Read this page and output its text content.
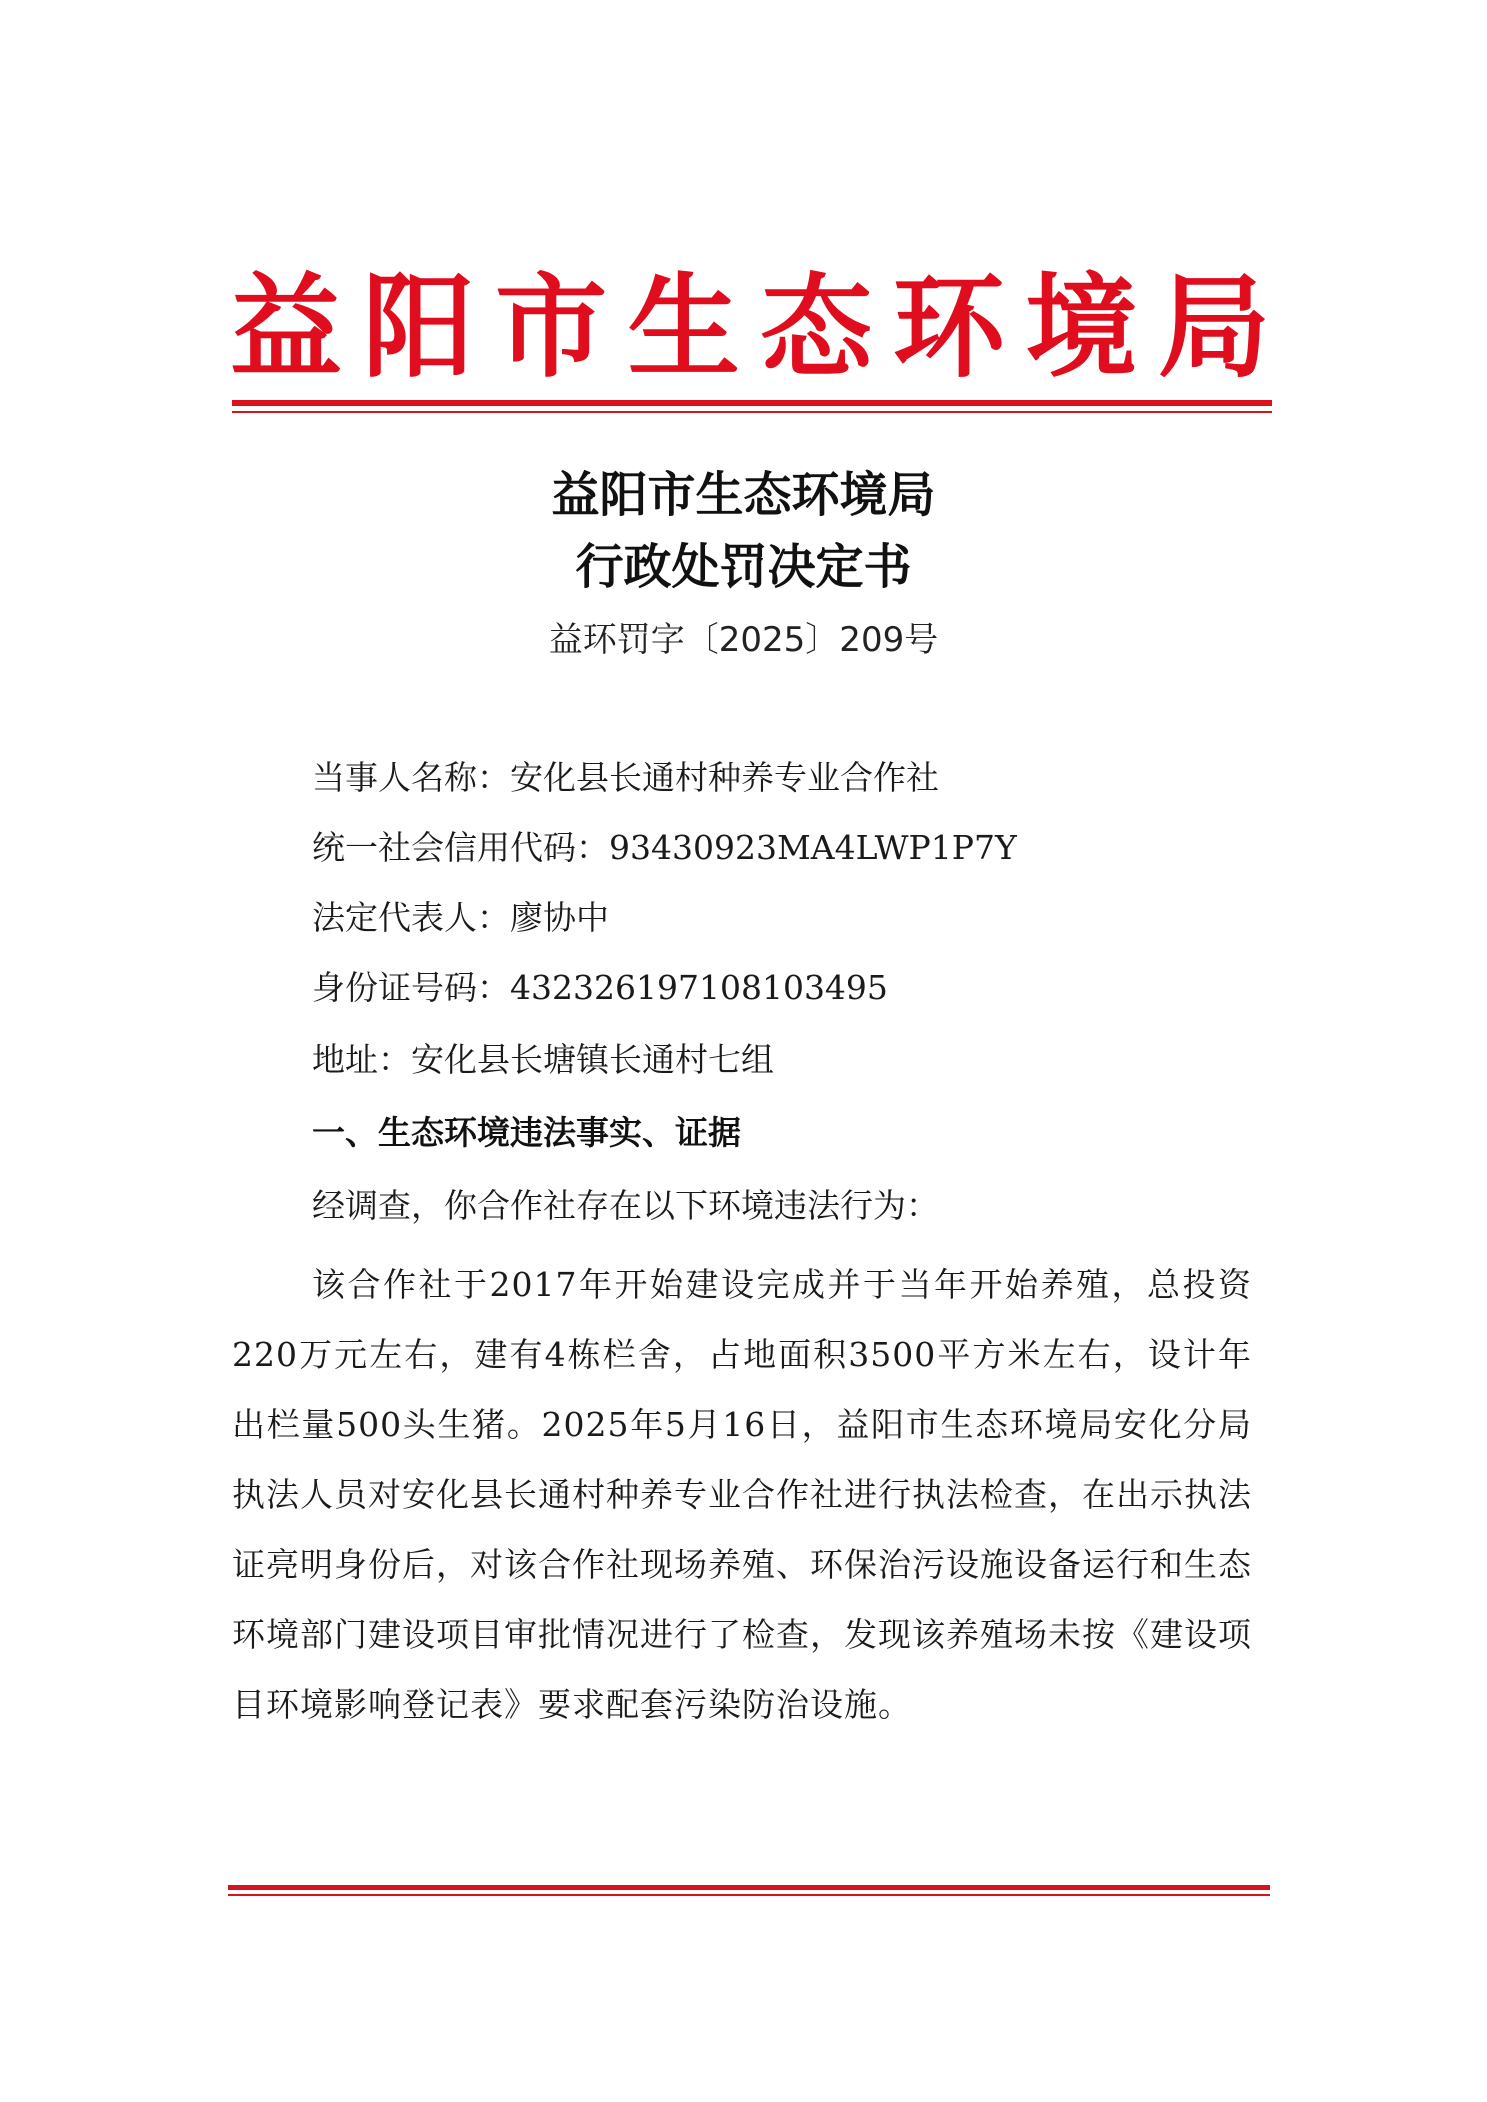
益 阳 市 生 态 环 境 局
益阳市生态环境局
行政处罚决定书
益环罚字〔2025〕209号
当事人名称：安化县长通村种养专业合作社
统一社会信用代码：93430923MA4LWP1P7Y
法定代表人：廖协中
身份证号码：432326197108103495
地址：安化县长塘镇长通村七组
一、生态环境违法事实、证据
经调查，你合作社存在以下环境违法行为：
该合作社于2017年开始建设完成并于当年开始养殖，总投资220万元左右，建有4栋栏舍，占地面积3500平方米左右，设计年出栏量500头生猪。2025年5月16日，益阳市生态环境局安化分局执法人员对安化县长通村种养专业合作社进行执法检查，在出示执法证亮明身份后，对该合作社现场养殖、环保治污设施设备运行和生态环境部门建设项目审批情况进行了检查，发现该养殖场未按《建设项目环境影响登记表》要求配套污染防治设施。
